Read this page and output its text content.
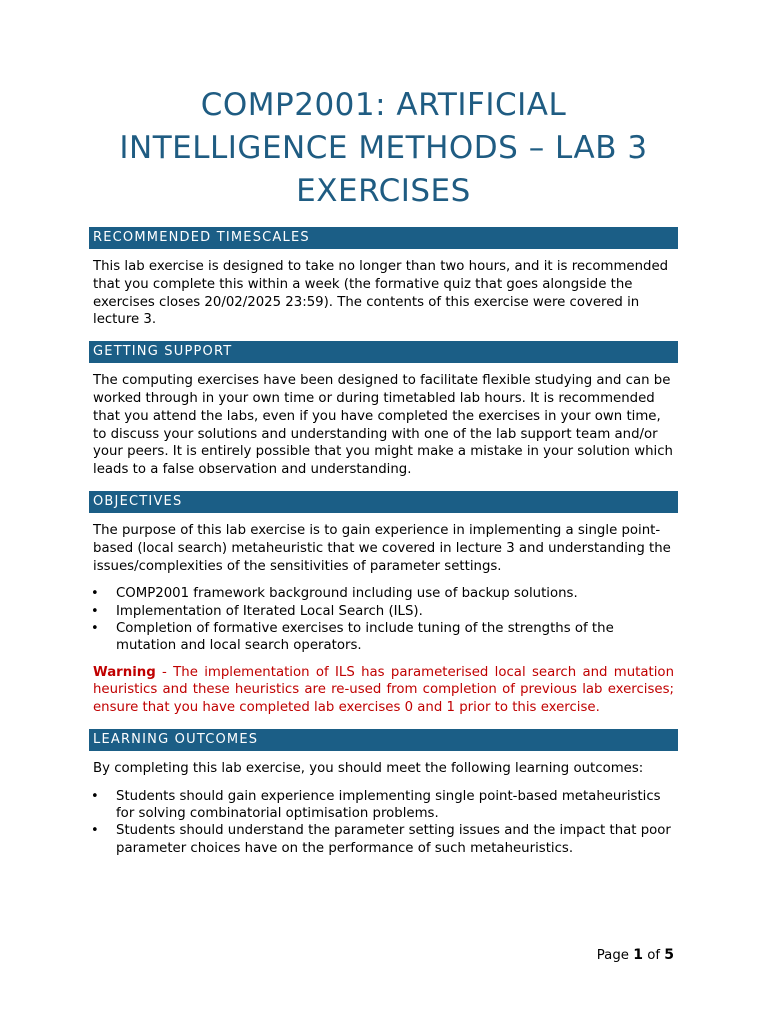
COMP2001: ARTIFICIAL INTELLIGENCE METHODS – LAB 3 EXERCISES
RECOMMENDED TIMESCALES

This lab exercise is designed to take no longer than two hours, and it is recommended that you complete this within a week (the formative quiz that goes alongside the exercises closes 20/02/2025 23:59). The contents of this exercise were covered in lecture 3.

GETTING SUPPORT

The computing exercises have been designed to facilitate flexible studying and can be worked through in your own time or during timetabled lab hours. It is recommended that you attend the labs, even if you have completed the exercises in your own time, to discuss your solutions and understanding with one of the lab support team and/or your peers. It is entirely possible that you might make a mistake in your solution which leads to a false observation and understanding.

OBJECTIVES

The purpose of this lab exercise is to gain experience in implementing a single point-based (local search) metaheuristic that we covered in lecture 3 and understanding the issues/complexities of the sensitivities of parameter settings.

• COMP2001 framework background including use of backup solutions.
• Implementation of Iterated Local Search (ILS).
• Completion of formative exercises to include tuning of the strengths of the mutation and local search operators.

Warning - The implementation of ILS has parameterised local search and mutation heuristics and these heuristics are re-used from completion of previous lab exercises; ensure that you have completed lab exercises 0 and 1 prior to this exercise.

LEARNING OUTCOMES

By completing this lab exercise, you should meet the following learning outcomes:

• Students should gain experience implementing single point-based metaheuristics for solving combinatorial optimisation problems.
• Students should understand the parameter setting issues and the impact that poor parameter choices have on the performance of such metaheuristics.
Page 1 of 5
